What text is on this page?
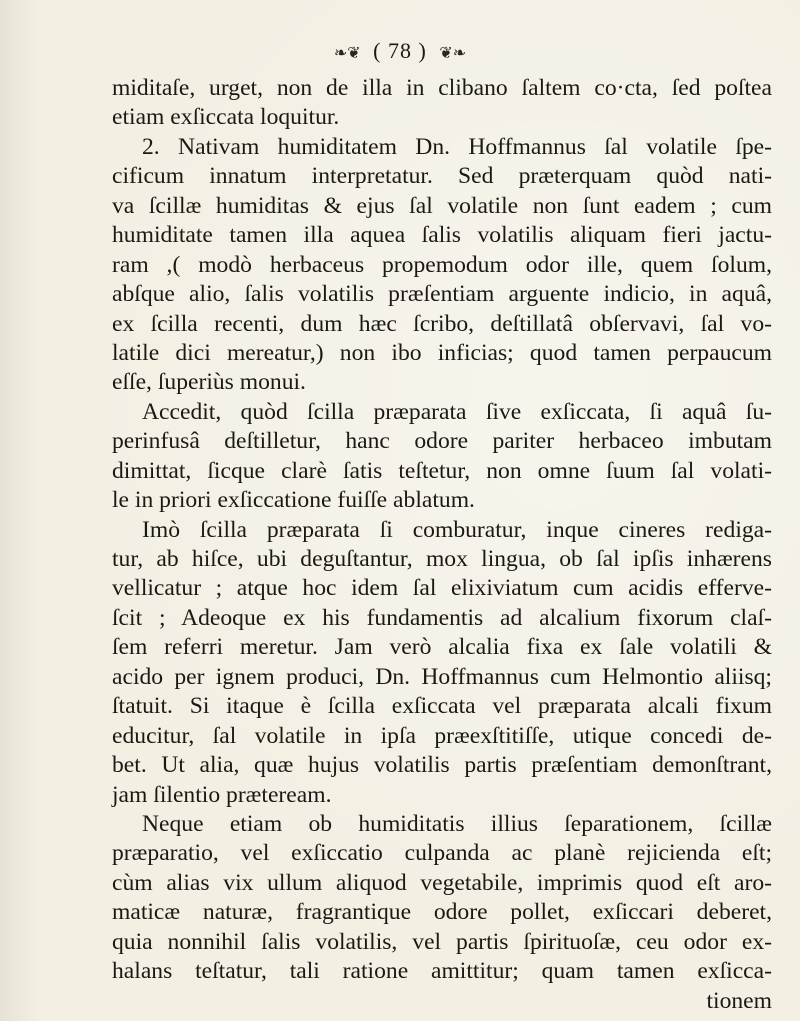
❧❦ ( 78 ) ❦❧
miditaſe, urget, non de illa in clibano ſaltem co·cta, ſed poſtea
etiam exſiccata loquitur.
2. Nativam humiditatem Dn. Hoffmannus ſal volatile ſpe-
cificum innatum interpretatur. Sed præterquam quòd nati-
va ſcillæ humiditas & ejus ſal volatile non ſunt eadem ; cum
humiditate tamen illa aquea ſalis volatilis aliquam fieri jactu-
ram ,( modò herbaceus propemodum odor ille, quem ſolum,
abſque alio, ſalis volatilis præſentiam arguente indicio, in aquâ,
ex ſcilla recenti, dum hæc ſcribo, deſtillatâ obſervavi, ſal vo-
latile dici mereatur,) non ibo inficias; quod tamen perpaucum
eſſe, ſuperiùs monui.
Accedit, quòd ſcilla præparata ſive exſiccata, ſi aquâ ſu-
perinfusâ deſtilletur, hanc odore pariter herbaceo imbutam
dimittat, ſicque clarè ſatis teſtetur, non omne ſuum ſal volati-
le in priori exſiccatione fuiſſe ablatum.
Imò ſcilla præparata ſi comburatur, inque cineres rediga-
tur, ab hiſce, ubi deguſtantur, mox lingua, ob ſal ipſis inhærens
vellicatur ; atque hoc idem ſal elixiviatum cum acidis efferve-
ſcit ; Adeoque ex his fundamentis ad alcalium fixorum claſ-
ſem referri meretur. Jam verò alcalia fixa ex ſale volatili &
acido per ignem produci, Dn. Hoffmannus cum Helmontio aliisq;
ſtatuit. Si itaque è ſcilla exſiccata vel præparata alcali fixum
educitur, ſal volatile in ipſa præexſtitiſſe, utique concedi de-
bet. Ut alia, quæ hujus volatilis partis præſentiam demonſtrant,
jam ſilentio præteream.
Neque etiam ob humiditatis illius ſeparationem, ſcillæ
præparatio, vel exſiccatio culpanda ac planè rejicienda eſt;
cùm alias vix ullum aliquod vegetabile, imprimis quod eſt aro-
maticæ naturæ, fragrantique odore pollet, exſiccari deberet,
quia nonnihil ſalis volatilis, vel partis ſpirituoſæ, ceu odor ex-
halans teſtatur, tali ratione amittitur; quam tamen exſicca-
tionem
